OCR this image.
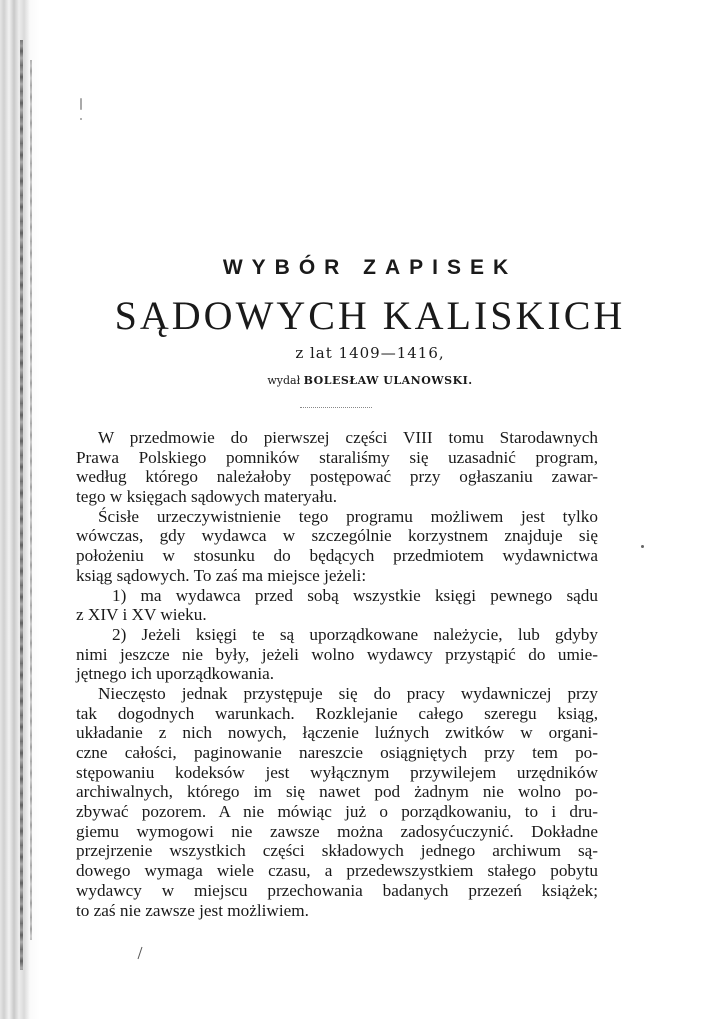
WYBÓR ZAPISEK
SĄDOWYCH KALISKICH
z lat 1409—1416,
wydał BOLESŁAW ULANOWSKI.
W przedmowie do pierwszej części VIII tomu Starodawnych
Prawa Polskiego pomników staraliśmy się uzasadnić program,
według którego należałoby postępować przy ogłaszaniu zawar-
tego w księgach sądowych materyału.
Ścisłe urzeczywistnienie tego programu możliwem jest tylko
wówczas, gdy wydawca w szczególnie korzystnem znajduje się
położeniu w stosunku do będących przedmiotem wydawnictwa
ksiąg sądowych. To zaś ma miejsce jeżeli:
1) ma wydawca przed sobą wszystkie księgi pewnego sądu
z XIV i XV wieku.
2) Jeżeli księgi te są uporządkowane należycie, lub gdyby
nimi jeszcze nie były, jeżeli wolno wydawcy przystąpić do umie-
jętnego ich uporządkowania.
Nieczęsto jednak przystępuje się do pracy wydawniczej przy
tak dogodnych warunkach. Rozklejanie całego szeregu ksiąg,
układanie z nich nowych, łączenie luźnych zwitków w organi-
czne całości, paginowanie nareszcie osiągniętych przy tem po-
stępowaniu kodeksów jest wyłącznym przywilejem urzędników
archiwalnych, którego im się nawet pod żadnym nie wolno po-
zbywać pozorem. A nie mówiąc już o porządkowaniu, to i dru-
giemu wymogowi nie zawsze można zadosyćuczynić. Dokładne
przejrzenie wszystkich części składowych jednego archiwum są-
dowego wymaga wiele czasu, a przedewszystkiem stałego pobytu
wydawcy w miejscu przechowania badanych przezeń książek;
to zaś nie zawsze jest możliwiem.
